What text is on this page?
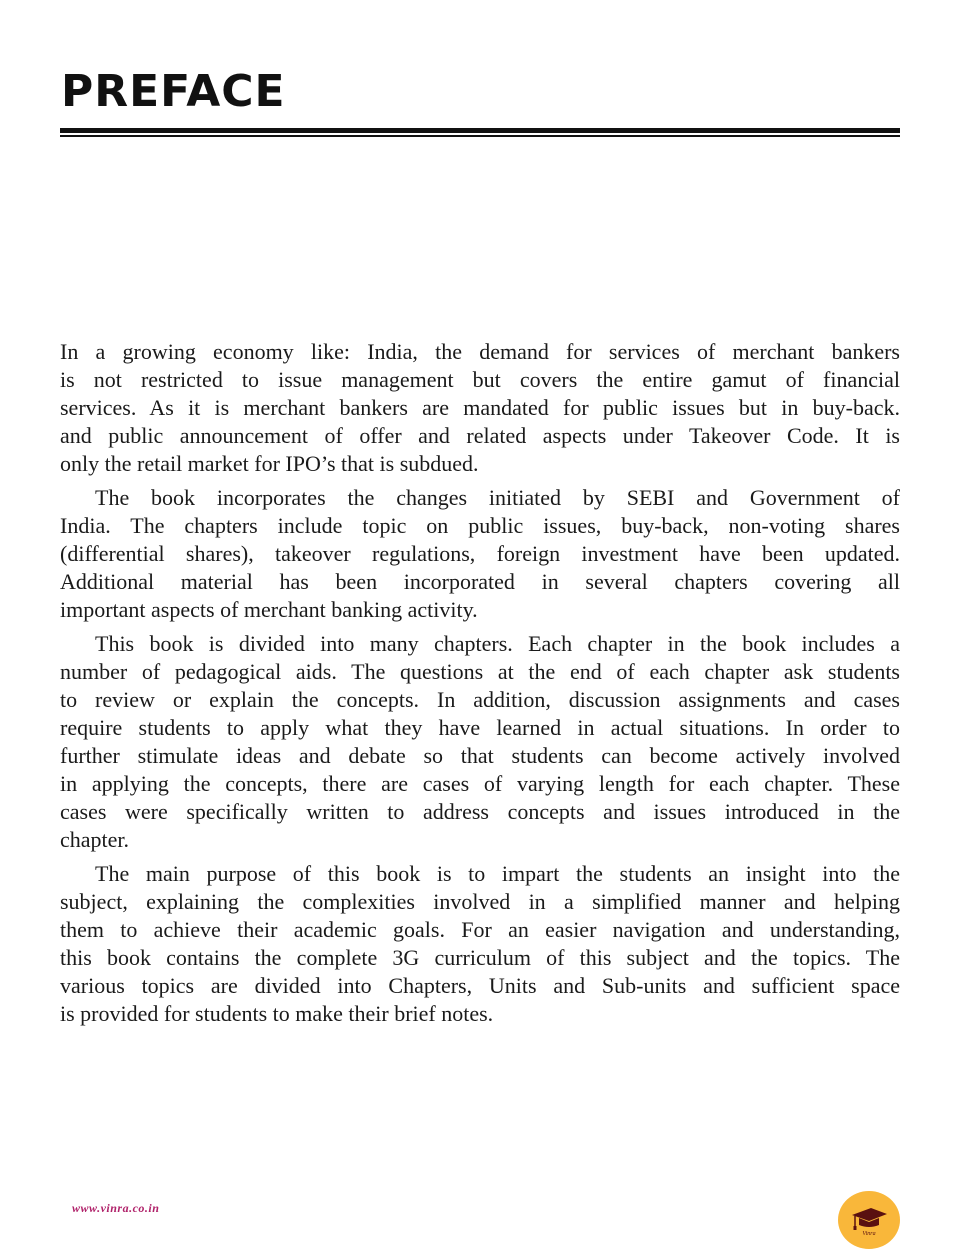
PREFACE
In a growing economy like: India, the demand for services of merchant bankers
is not restricted to issue management but covers the entire gamut of financial
services. As it is merchant bankers are mandated for public issues but in buy-back.
and public announcement of offer and related aspects under Takeover Code. It is
only the retail market for IPO’s that is subdued.
The book incorporates the changes initiated by SEBI and Government of
India. The chapters include topic on public issues, buy-back, non-voting shares
(differential shares), takeover regulations, foreign investment have been updated.
Additional material has been incorporated in several chapters covering all
important aspects of merchant banking activity.
This book is divided into many chapters. Each chapter in the book includes a
number of pedagogical aids. The questions at the end of each chapter ask students
to review or explain the concepts. In addition, discussion assignments and cases
require students to apply what they have learned in actual situations. In order to
further stimulate ideas and debate so that students can become actively involved
in applying the concepts, there are cases of varying length for each chapter. These
cases were specifically written to address concepts and issues introduced in the
chapter.
The main purpose of this book is to impart the students an insight into the
subject, explaining the complexities involved in a simplified manner and helping
them to achieve their academic goals. For an easier navigation and understanding,
this book contains the complete 3G curriculum of this subject and the topics. The
various topics are divided into Chapters, Units and Sub-units and sufficient space
is provided for students to make their brief notes.
www.vinra.co.in
Vinra
